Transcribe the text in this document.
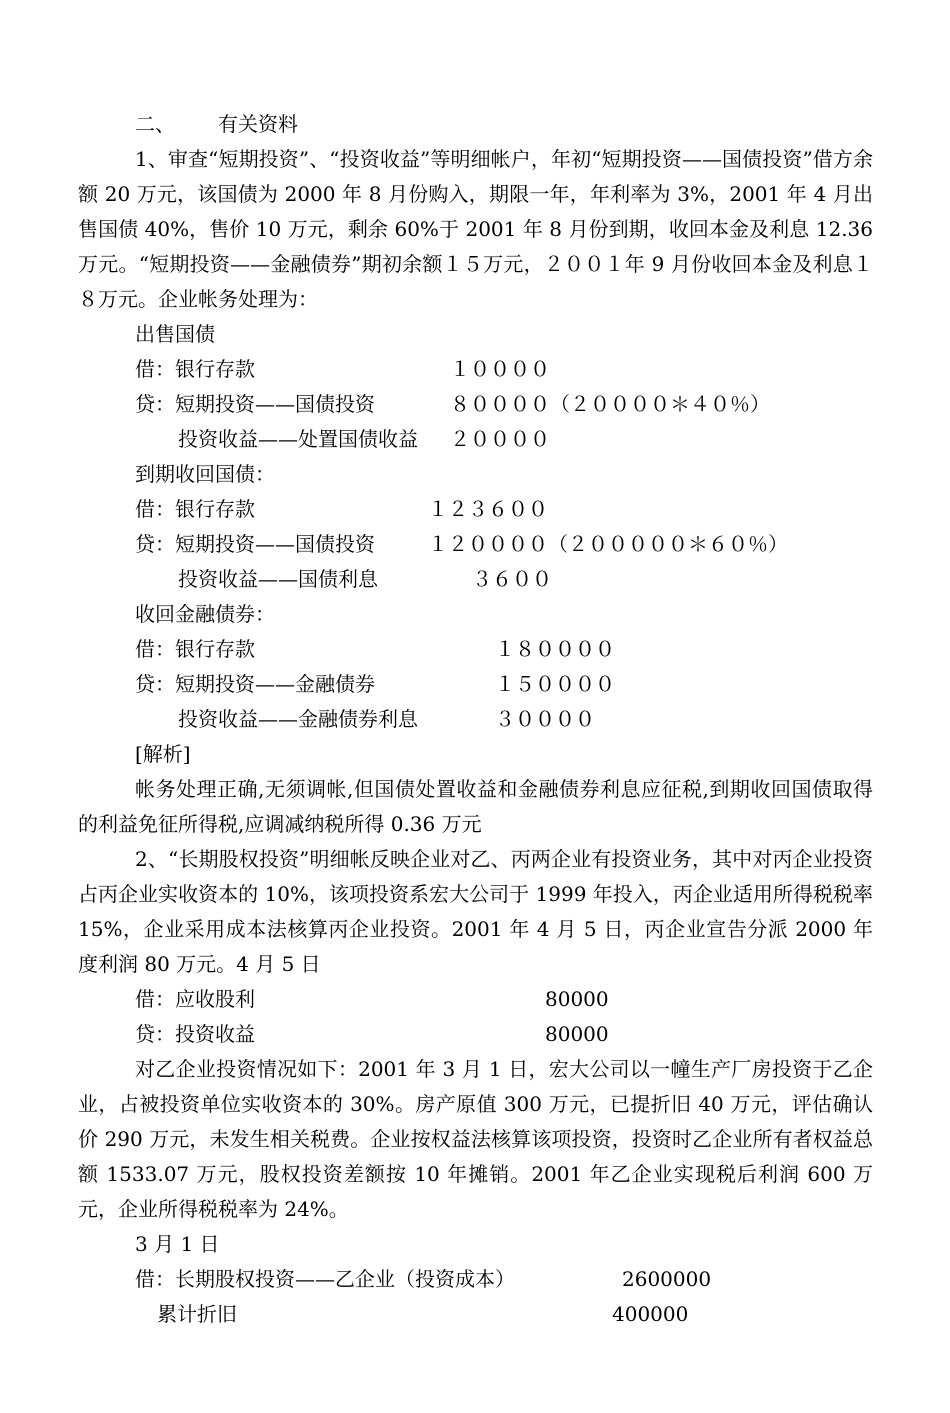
二、 有关资料
1、审查“短期投资”、“投资收益”等明细帐户，年初“短期投资——国债投资”借方余额 20 万元，该国债为 2000 年 8 月份购入，期限一年，年利率为 3%，2001 年 4 月出售国债 40%，售价 10 万元，剩余 60%于 2001 年 8 月份到期，收回本金及利息 12.36 万元。“短期投资——金融债券”期初余额１５万元，２００１年 9 月份收回本金及利息１８万元。企业帐务处理为：
出售国债
借：银行存款	１００００
贷：短期投资——国债投资	８００００（２００００＊４０％）
投资收益——处置国债收益 ２００００
到期收回国债：
借：银行存款	１２３６００
贷：短期投资——国债投资	１２００００（２０００００＊６０％）
投资收益——国债利息	３６００
收回金融债券：
借：银行存款	１８００００
贷：短期投资——金融债券	１５００００
投资收益——金融债券利息	３００００
[解析]
帐务处理正确,无须调帐,但国债处置收益和金融债券利息应征税,到期收回国债取得的利益免征所得税,应调减纳税所得 0.36 万元
2、“长期股权投资”明细帐反映企业对乙、丙两企业有投资业务，其中对丙企业投资占丙企业实收资本的 10%，该项投资系宏大公司于 1999 年投入，丙企业适用所得税税率 15%，企业采用成本法核算丙企业投资。2001 年 4 月 5 日，丙企业宣告分派 2000 年度利润 80 万元。4 月 5 日
借：应收股利	80000
贷：投资收益	80000
对乙企业投资情况如下：2001 年 3 月 1 日，宏大公司以一幢生产厂房投资于乙企业，占被投资单位实收资本的 30%。房产原值 300 万元，已提折旧 40 万元，评估确认价 290 万元，未发生相关税费。企业按权益法核算该项投资，投资时乙企业所有者权益总额 1533.07 万元，股权投资差额按 10 年摊销。2001 年乙企业实现税后利润 600 万元，企业所得税税率为 24%。
3 月 1 日
借：长期股权投资——乙企业（投资成本）	2600000
累计折旧	400000
